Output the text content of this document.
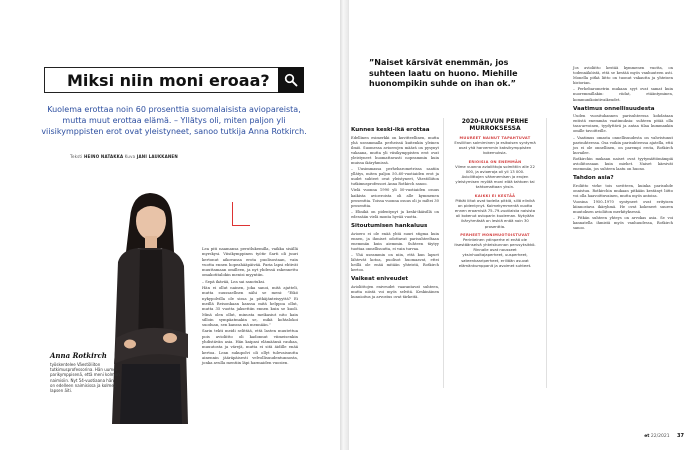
Miksi niin moni eroaa?

Kuolema erottaa noin 60 prosenttia suomalaisista aviopareista, mutta muut erottaa elämä. – Yllätys oli, miten paljon yli viisikymppisten erot ovat yleistyneet, sanoo tutkija Anna Rotkirch.

Teksti HEINO NATAKKA Kuva JANI LAUKKANEN
Anna Rotkirch

työskentelee Väestöliiton tutkimusprofessorina. Hän uumoi parikymppisenä, että meni kolmen naimisiin. Nyt 54-vuotiaana hän on edelleen naimisissa ja kolmen lapsen äiti.

Lea piti naamansa perutlukemilla, vaikka sisällä myrskysi. Viisikymppinen työtir Sarti oli juuri kertonut aikovansa erota puolisostaan, vain vuotta ennen hopeahääpäivää. Paria lapsi ehtivät muuttamaan omilleen, ja nyt yhdessä rakennettu omakotitalokin menisi myyntiin.

– Sepä ikävää, Lea sai sanotuksi.

Hän ei ollut nainen, joka sanoi, mitä ajatteli, mutta suussaellnen nähi se meni: ”Eikö nykypolvilla ole sissa ja pitkäjänteisyyttä? Ei meillä Reisonkaan kanssa mitä helppoa ollut, mutta 35 vuotta jaksettiin ennen kuin se kuoli. Minä olen ollut, minusta meikasiut nito kain silloin sympäatmakin se, mikä kohtalokoi suoduan, sen kanssa mä mennään.”

Sarin tekti meidi selittää, että lasten muutettua pois avioliitto oli kadonnut viimeisenkin yhdistävän asia. Hän kaipasi elämäänsä rauhaa, muuutosta ja värejä, mutta ei sitä äidille enää kertoa. Lean sukupolvi oli ollyt tulevaisuutta ainennin jääräpäisesti velvollisuudentunnosta, jonka avulla mentiin läpi harmaiden vuosien.

”Naiset kärsivät enemmän, jos suhteen laatu on huono. Miehille huonompikin suhde on ihan ok.”

Kunnes keski-ikä erottaa

Edellinen esimerkki on kuvitteellinen, mutta yhä useammalla perheissä kuitenkin yleinen ilmiö. Suomessa avioerojen määrä on pysynyt vakaana, mutta yli viisikymppisten erot ovat yleistyneet huomattavasti nopeammin kuin muissa ikäryhmissä.

– Uusimmassa perhebarometrissa saatiin yllätys, miten paljon 50–60-vuotiaiden erot ja uudet suhteet ovat yleistyneet, Väestöliiton tutkimusprofessori Anna Rotkirch sanoo.

Vielä vuonna 1990 yli 50-vuotiaiden osuus kaikista avioeroista oli alle kymmenen prosenttia. Toissa vuonna osuus oli jo miltei 30 prosenttia.

– Elinikä on pidentynyt ja keski-ikäisillä on edessään vielä monta hyvää vuotta.

Sitoutumisen hankaluus

Avioero ei ole enää yhtä suuri stigma kuin ennen, ja ihmiset odottavat parisuhteeltaan enemmän kuin aiemmin. Suhteen täytyy tuottaa onnellisuutta, ei vain turvaa.

– Yhä useammin on niin, että kun lapset lähtevät kotoa, puolisot huomaavat, ettei heillä ole enää mitään yhteistä, Rotkirch kertoo.

Vaikeat eniveudet

Avioliittojen eniveudet vaarantavat suhteen, mutta niistä voi myös selvitä. Keskinäinen kunnioitus ja arvostus ovat tärkeitä.

2020-LUVUN PERHE MURROKSESSA
MUUREET NAINUT TAPAHTUVAT

Ensiliiton solmiminen ja esikoisen syntymä ovat yhä harvemmin kaksikymppisten kokemuksia.

ERIOISIA ON ENEMMÄN

Viime vuonna avioliittoja solmittiin alle 22 000, ja avioeroja oli yli 13 000. Avioliittojen vähenemisen ja erojen yleistymisen myötä moni elää tahtoen tai tahtomattaan yksin.

KAIKKI EI KESTÄÄ

Pitkät liitot ovat todella pitkiä, sillä elinikä on pidentynyt. Kolmekymmentä vuotta ennen eroamisiä 75–79-vuotiaista naisista oli kokenut avioparin kuoleman. Nykyään ikäryhmästä on leskiä enää noin 30 prosenttia.

PERHEET MONIMUOTOISTUVAT

Perinteinen ydinperhe ei enää ole itsestäänselvä yhteiskunnan perusyksikkö. Rinnalle ovat nousseet yksinhuoltajaperheet, uusperheet, sateenkaariperheet, eriliään asuvat elämänkumppanit ja avoimet suhteet.

Jos avioliitto kestää kymmenen vuotta, on todennäköistä, että se kestää myös vanhuuteen asti. Monella pitkä liitto on tuonut vakautta ja yhteisen historian.

– Perhebarometrin mukaan syyt ovat samat kuin nuoremmillakin: riidat, etääntyminen, kommunikointivaikeudet.

Vaatimus onnellisuudesta

Uuden vuosituhannen parisuhteessa kohdataan entistä enemmän vaatimuksia: suhteen pitää olla tasa-arvoinen, tyydyttävä ja antaa tilaa kummankin omille tavoitteille.

– Vaatimus omasta onnellisuudesta on vahvistunut parisuhteessa. Osa voikin parisuhteessa ajatella, että jos ei ole onnellinen, on parempi erota, Rotkirch kuvailee.

Rotkirchin mukaan naiset ovat tyytymättömämpiä avioliitossaan kuin miehet. Naiset kärsivät enemmän, jos suhteen laatu on huono.

Tahdon asia?

Eroliitto virke tois sovitteen, kuinka parisuhde onnistuu. Rotkirchin mukaan pitkään kestänyt liitto voi olla haavoittuvainen, mutta myös antoisa.

Vuosina 1950–1970 syntyneet ovat erityisen kiinnostava ikäryhmä. He ovat kokeneet suuren muutoksen avioliiton merkityksessä.

– Pitkän suhteen yhteys on arvokas asia. Se voi kannatella ihmistä myös vanhuudessa, Rotkirch sanoo.

et 22/2021 37
